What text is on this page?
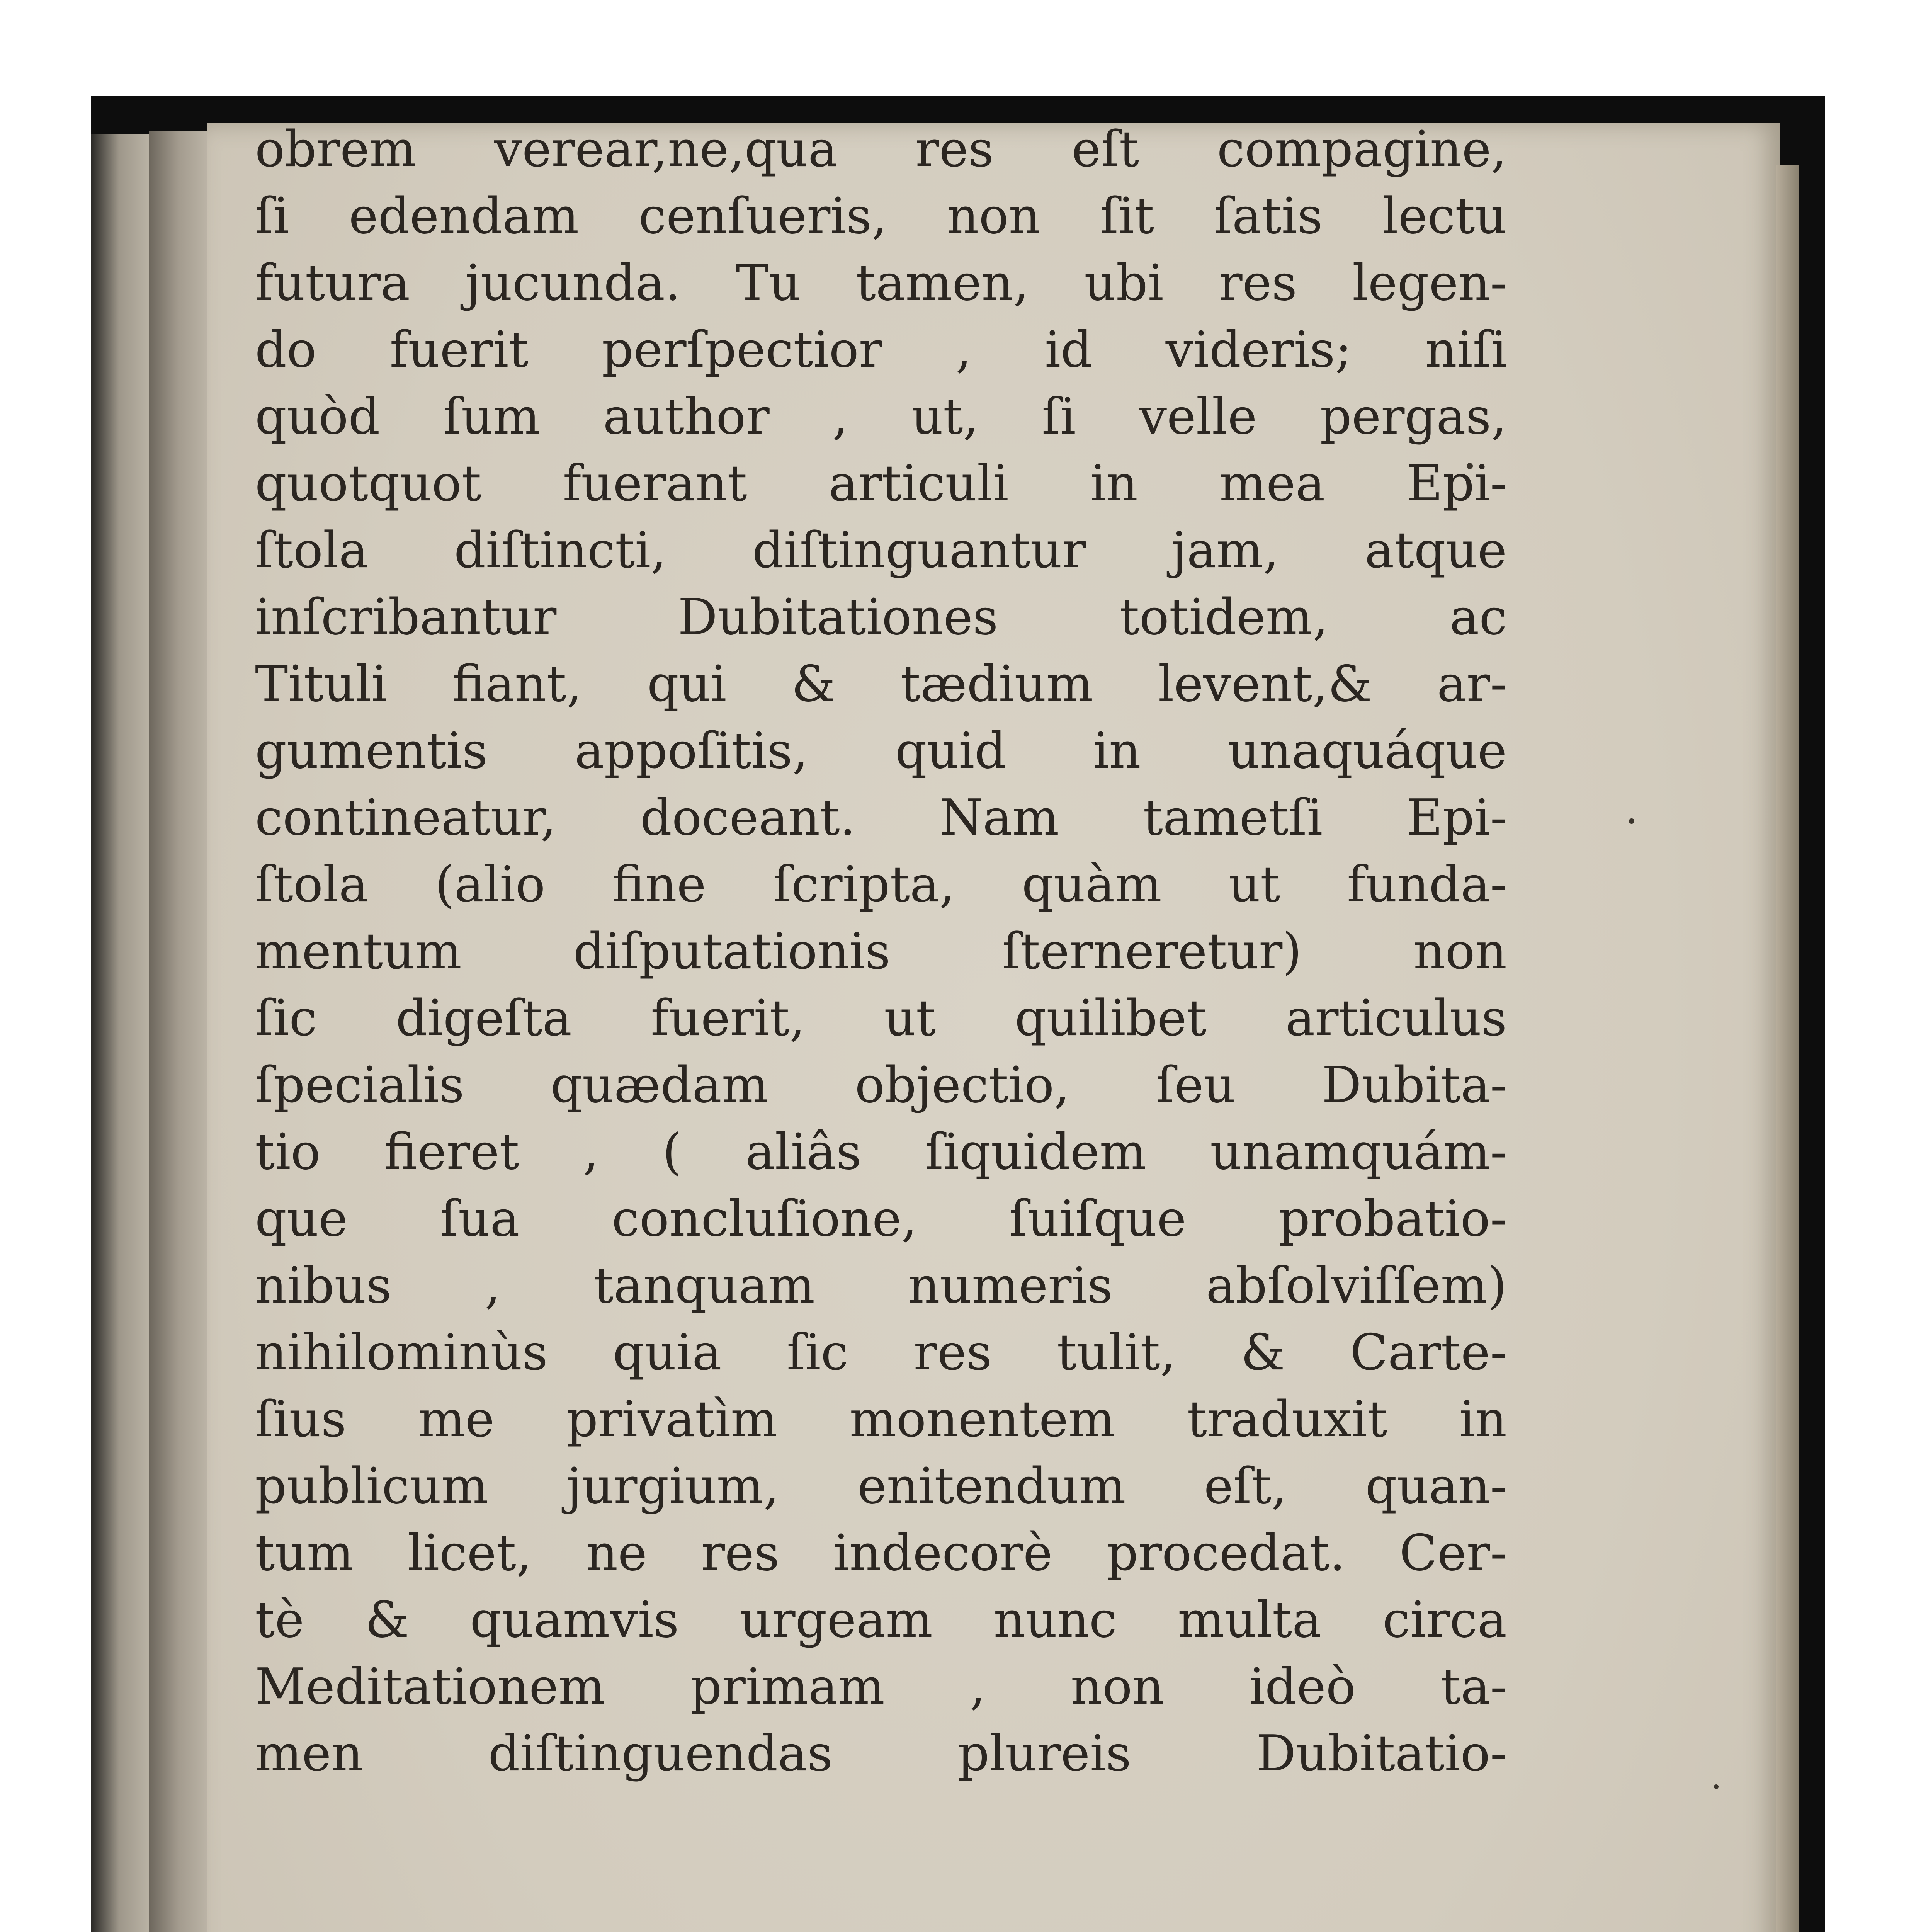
obrem verear,ne,qua res eſt compagine,
ſi edendam cenſueris, non ſit ſatis lectu
futura jucunda. Tu tamen, ubi res legen-
do fuerit perſpectior , id videris; niſi
quòd ſum author , ut, ſi velle pergas,
quotquot fuerant articuli in mea Epi-
ſtola diſtincti, diſtinguantur jam, atque
inſcribantur Dubitationes totidem, ac
Tituli fiant, qui & tædium levent,& ar-
gumentis appoſitis, quid in unaquáque
contineatur, doceant. Nam tametſi Epi-
ſtola (alio fine ſcripta, quàm ut funda-
mentum diſputationis ſterneretur) non
ſic digeſta fuerit, ut quilibet articulus
ſpecialis quædam objectio, ſeu Dubita-
tio fieret , ( aliâs ſiquidem unamquám-
que ſua concluſione, ſuiſque probatio-
nibus , tanquam numeris abſolviſſem)
nihilominùs quia ſic res tulit, & Carte-
ſius me privatìm monentem traduxit in
publicum jurgium, enitendum eſt, quan-
tum licet, ne res indecorè procedat. Cer-
tè & quamvis urgeam nunc multa circa
Meditationem primam , non ideò ta-
men diſtinguendas plureis Dubitatio-
